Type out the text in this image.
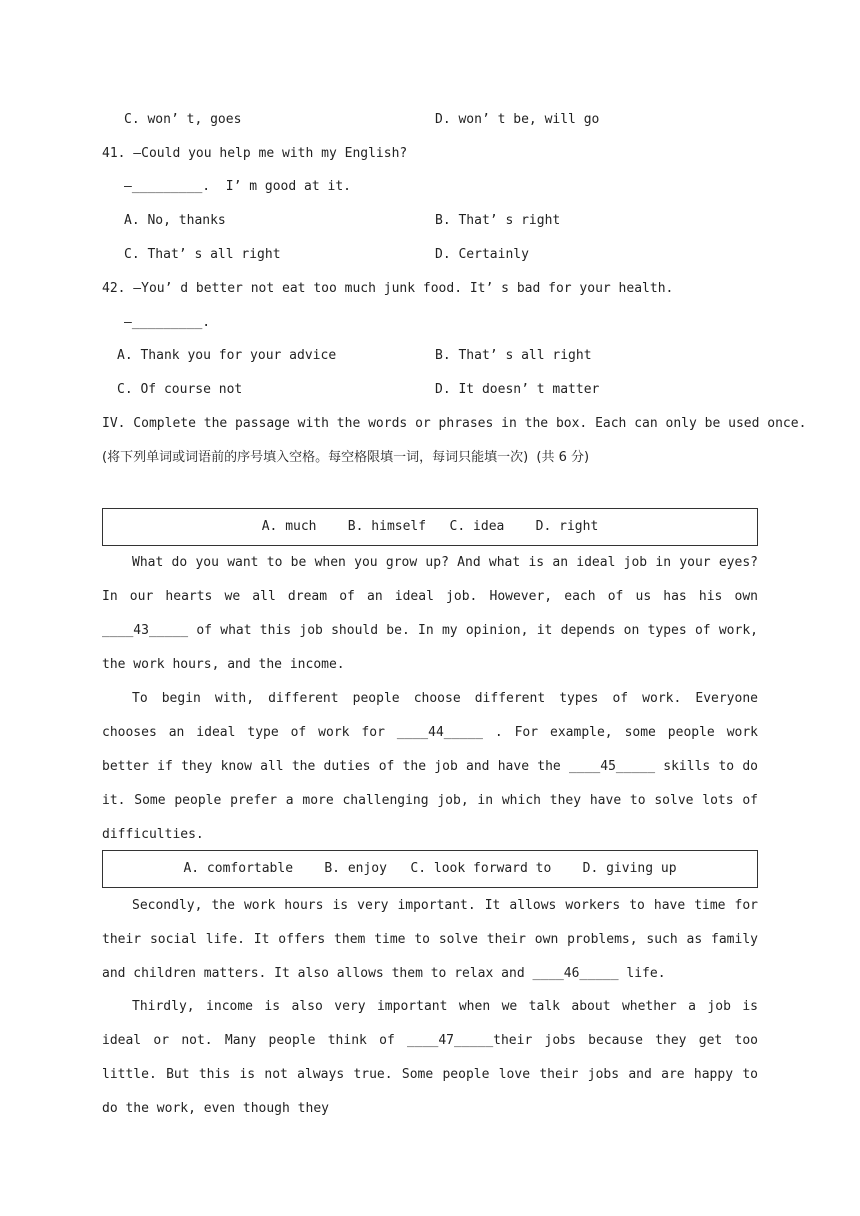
C. won’ t, goes	D. won’ t be, will go
41. —Could you help me with my English?
—_________.  I’ m good at it.
A. No, thanks	B. That’ s right
C. That’ s all right	D. Certainly
42. —You’ d better not eat too much junk food. It’ s bad for your health.
—_________.
A. Thank you for your advice	B. That’ s all right
C. Of course not	D. It doesn’ t matter
IV. Complete the passage with the words or phrases in the box. Each can only be used once.
(将下列单词或词语前的序号填入空格。每空格限填一词，每词只能填一次)  (共 6 分)
A. much    B. himself   C. idea    D. right
What do you want to be when you grow up? And what is an ideal job in your eyes? In our hearts we all dream of an ideal job. However, each of us has his own ____43_____ of what this job should be. In my opinion, it depends on types of work, the work hours, and the income.
To begin with, different people choose different types of work. Everyone chooses an ideal type of work for ____44_____ . For example, some people work better if they know all the duties of the job and have the ____45_____ skills to do it. Some people prefer a more challenging job, in which they have to solve lots of difficulties.
A. comfortable    B. enjoy   C. look forward to    D. giving up
Secondly, the work hours is very important. It allows workers to have time for their social life. It offers them time to solve their own problems, such as family and children matters. It also allows them to relax and ____46_____ life.
Thirdly, income is also very important when we talk about whether a job is ideal or not. Many people think of ____47_____their jobs because they get too little. But this is not always true. Some people love their jobs and are happy to do the work, even though they
